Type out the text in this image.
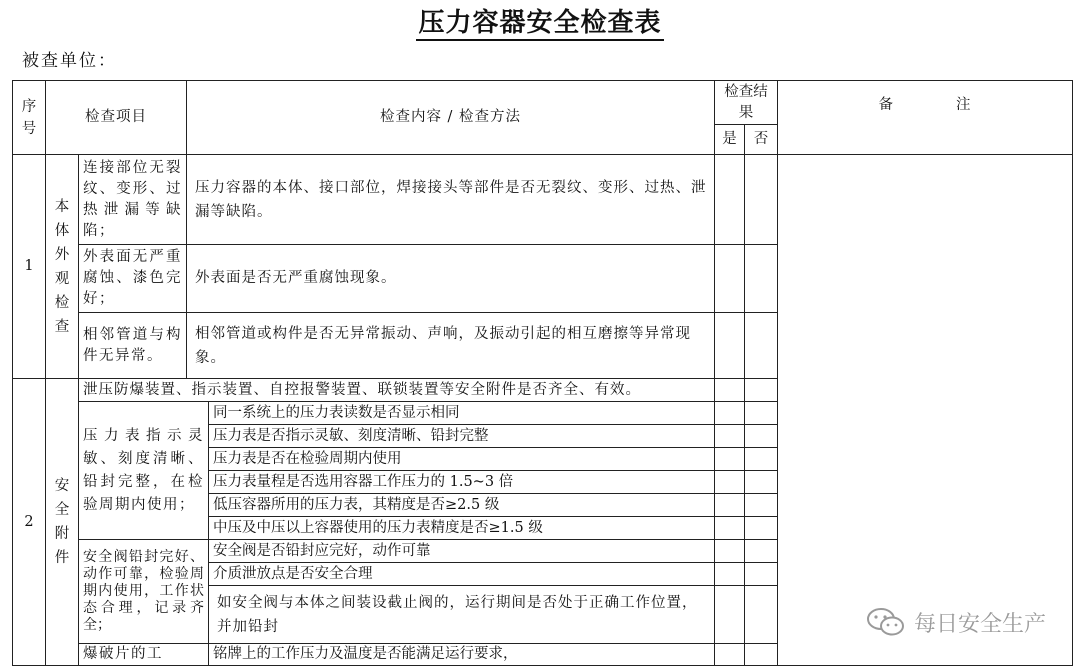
压力容器安全检查表
被查单位：
序号	检查项目		检查内容 / 检查方法		检查结果		备 注
					是	否	
1	本体外观检查	连接部位无裂纹、变形、过热泄漏等缺陷；	压力容器的本体、接口部位，焊接接头等部件是否无裂纹、变形、过热、泄漏等缺陷。				
		外表面无严重腐蚀、漆色完好；	外表面是否无严重腐蚀现象。				
		相邻管道与构件无异常。	相邻管道或构件是否无异常振动、声响，及振动引起的相互磨擦等异常现象。				
2	安全附件	泄压防爆装置、指示装置、自控报警装置、联锁装置等安全附件是否齐全、有效。					
		压力表指示灵敏、刻度清晰、铅封完整，在检验周期内使用；		同一系统上的压力表读数是否显示相同			
				压力表是否指示灵敏、刻度清晰、铅封完整			
				压力表是否在检验周期内使用			
				压力表量程是否选用容器工作压力的 1.5~3 倍			
				低压容器所用的压力表，其精度是否≥2.5 级			
				中压及中压以上容器使用的压力表精度是否≥1.5 级			
		安全阀铅封完好、动作可靠，检验周期内使用，工作状态合理，记录齐全；		安全阀是否铅封应完好，动作可靠			
				介质泄放点是否安全合理			
				如安全阀与本体之间装设截止阀的，运行期间是否处于正确工作位置，并加铅封			

		爆破片的工		铭牌上的工作压力及温度是否能满足运行要求，			
每日安全生产
